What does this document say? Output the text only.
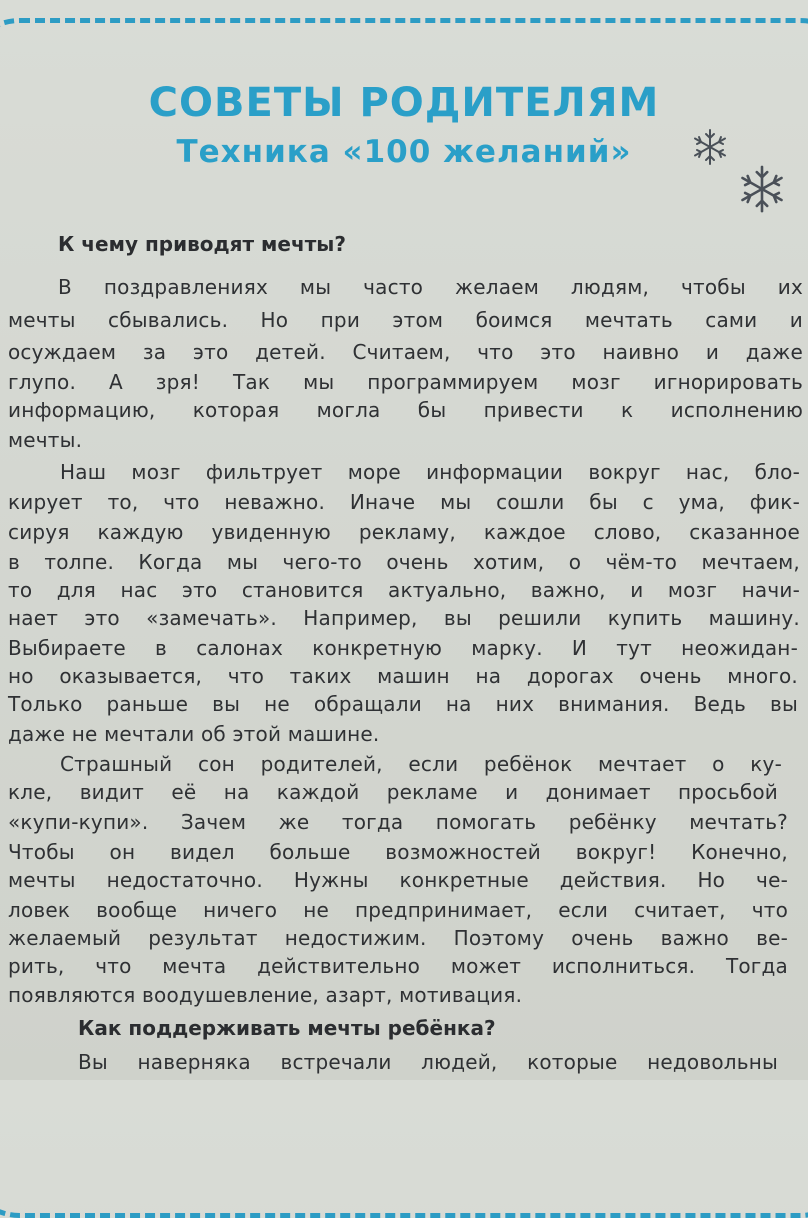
СОВЕТЫ РОДИТЕЛЯМ
Техника «100 желаний»
К чему приводят мечты?
В поздравлениях мы часто желаем людям, чтобы их
мечты сбывались. Но при этом боимся мечтать сами и
осуждаем за это детей. Считаем, что это наивно и даже
глупо. А зря! Так мы программируем мозг игнорировать
информацию, которая могла бы привести к исполнению
мечты.
Наш мозг фильтрует море информации вокруг нас, бло-
кирует то, что неважно. Иначе мы сошли бы с ума, фик-
сируя каждую увиденную рекламу, каждое слово, сказанное
в толпе. Когда мы чего-то очень хотим, о чём-то мечтаем,
то для нас это становится актуально, важно, и мозг начи-
нает это «замечать». Например, вы решили купить машину.
Выбираете в салонах конкретную марку. И тут неожидан-
но оказывается, что таких машин на дорогах очень много.
Только раньше вы не обращали на них внимания. Ведь вы
даже не мечтали об этой машине.
Страшный сон родителей, если ребёнок мечтает о ку-
кле, видит её на каждой рекламе и донимает просьбой
«купи-купи». Зачем же тогда помогать ребёнку мечтать?
Чтобы он видел больше возможностей вокруг! Конечно,
мечты недостаточно. Нужны конкретные действия. Но че-
ловек вообще ничего не предпринимает, если считает, что
желаемый результат недостижим. Поэтому очень важно ве-
рить, что мечта действительно может исполниться. Тогда
появляются воодушевление, азарт, мотивация.
Как поддерживать мечты ребёнка?
Вы наверняка встречали людей, которые недовольны
